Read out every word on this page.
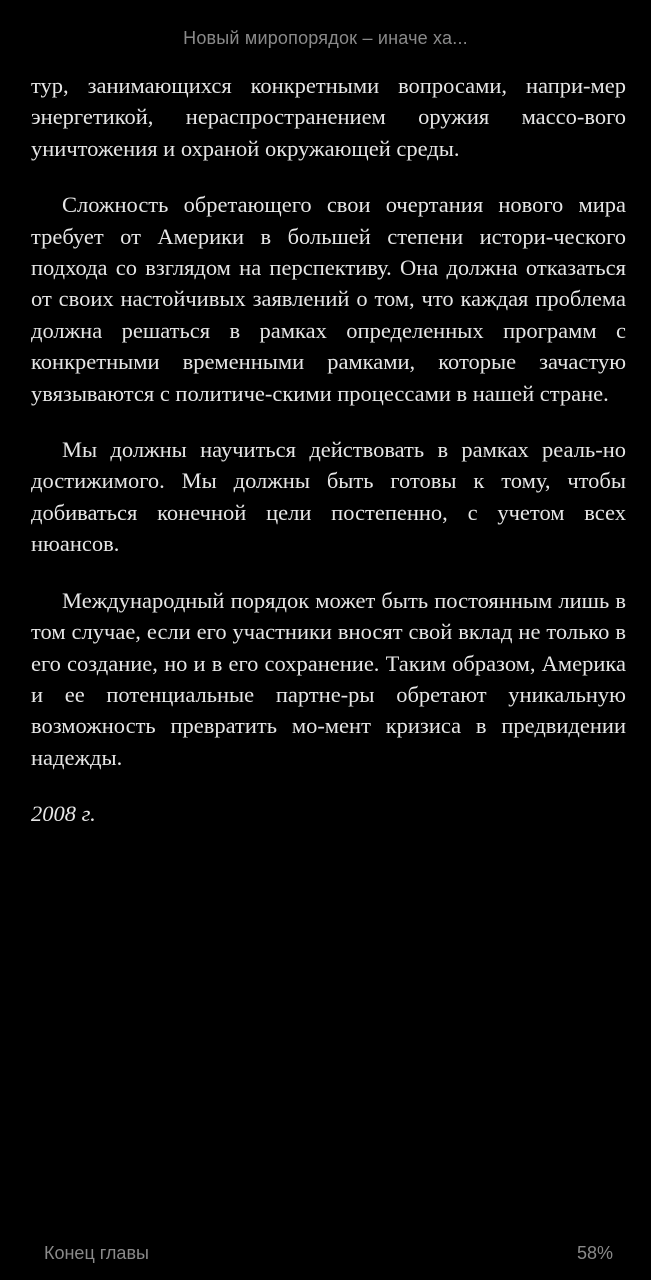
Новый миропорядок – иначе ха...

тур, занимающихся конкретными вопросами, напри-мер энергетикой, нераспространением оружия массо-вого уничтожения и охраной окружающей среды.

Сложность обретающего свои очертания нового мира требует от Америки в большей степени истори-ческого подхода со взглядом на перспективу. Она должна отказаться от своих настойчивых заявлений о том, что каждая проблема должна решаться в рамках определенных программ с конкретными временными рамками, которые зачастую увязываются с политиче-скими процессами в нашей стране.

Мы должны научиться действовать в рамках реаль-но достижимого. Мы должны быть готовы к тому, чтобы добиваться конечной цели постепенно, с учетом всех нюансов.

Международный порядок может быть постоянным лишь в том случае, если его участники вносят свой вклад не только в его создание, но и в его сохранение. Таким образом, Америка и ее потенциальные партне-ры обретают уникальную возможность превратить мо-мент кризиса в предвидении надежды.

2008 г.

Конец главы	58%
